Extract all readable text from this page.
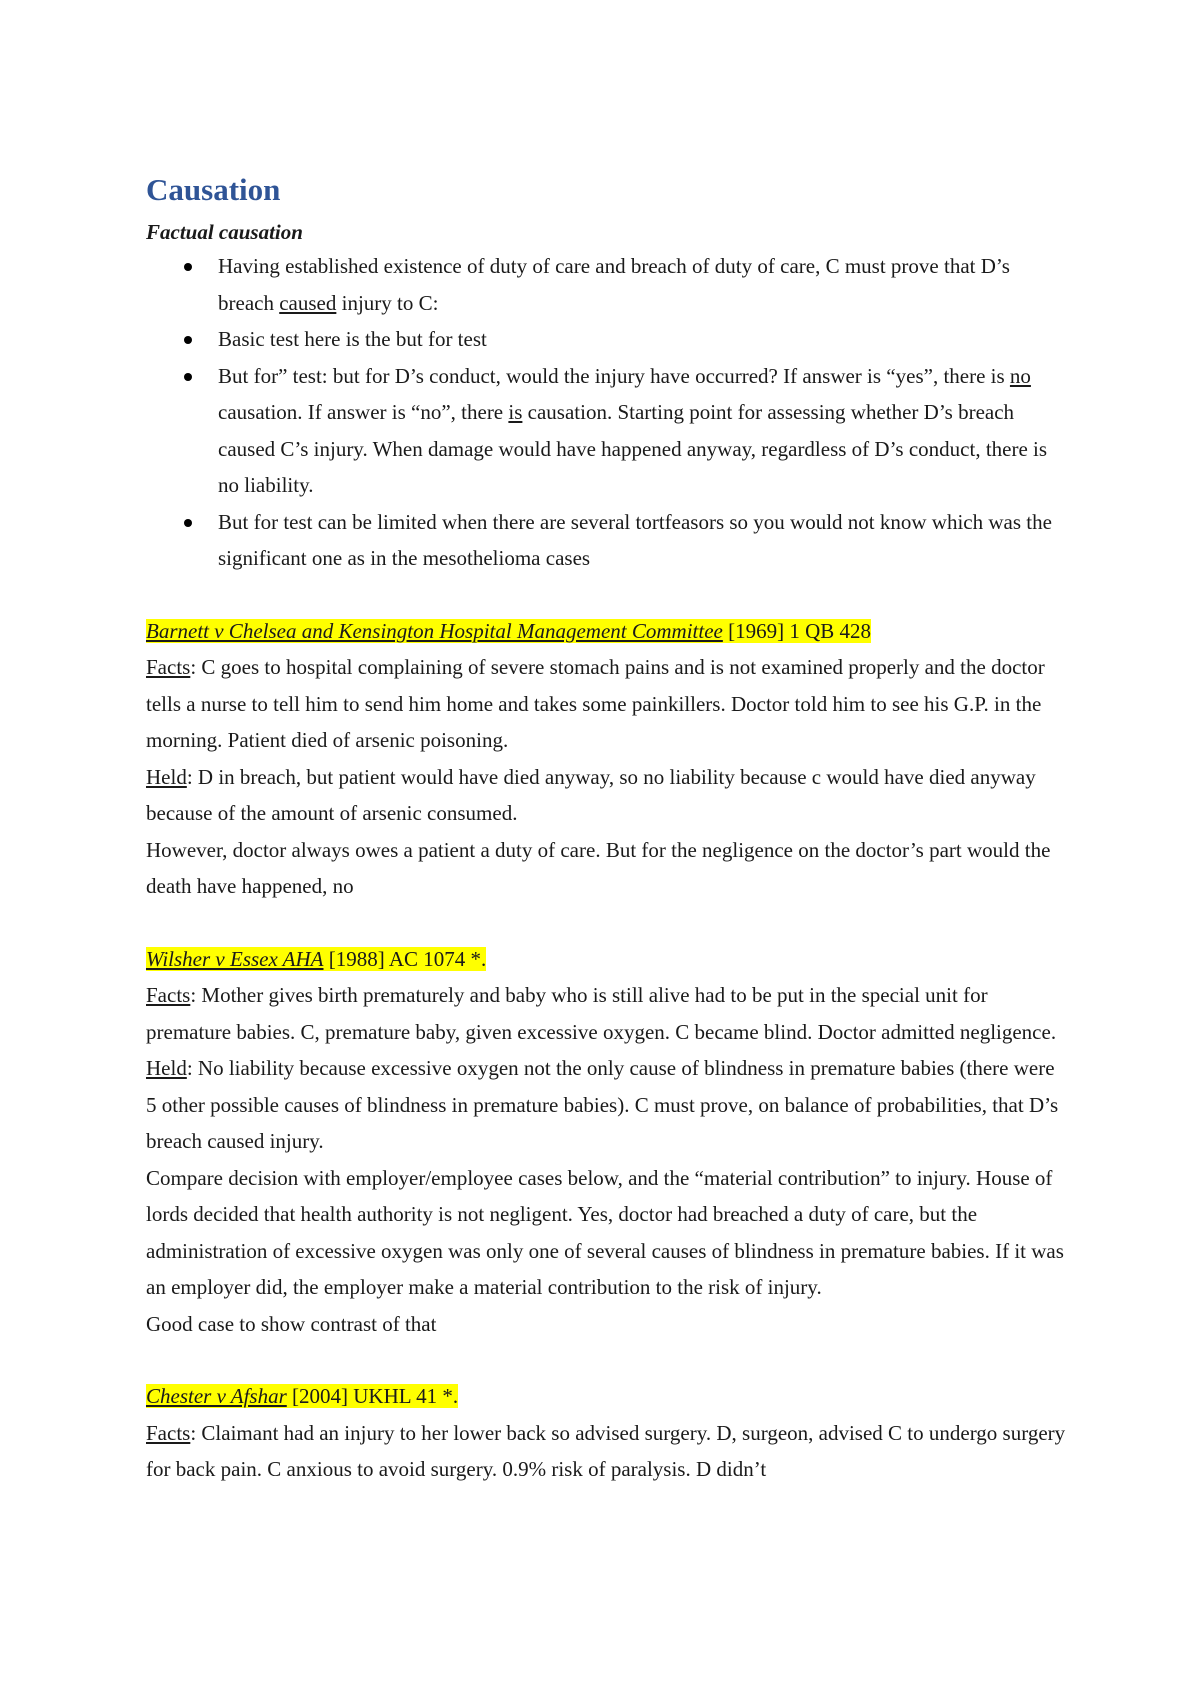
Causation
Factual causation
Having established existence of duty of care and breach of duty of care, C must prove that D’s breach caused injury to C:
Basic test here is the but for test
But for” test: but for D’s conduct, would the injury have occurred? If answer is “yes”, there is no causation. If answer is “no”, there is causation. Starting point for assessing whether D’s breach caused C’s injury. When damage would have happened anyway, regardless of D’s conduct, there is no liability.
But for test can be limited when there are several tortfeasors so you would not know which was the significant one as in the mesothelioma cases

Barnett v Chelsea and Kensington Hospital Management Committee [1969] 1 QB 428

Facts: C goes to hospital complaining of severe stomach pains and is not examined properly and the doctor tells a nurse to tell him to send him home and takes some painkillers. Doctor told him to see his G.P. in the morning. Patient died of arsenic poisoning.

Held: D in breach, but patient would have died anyway, so no liability because c would have died anyway because of the amount of arsenic consumed.

However, doctor always owes a patient a duty of care. But for the negligence on the doctor’s part would the death have happened, no

Wilsher v Essex AHA [1988] AC 1074 *.

Facts: Mother gives birth prematurely and baby who is still alive had to be put in the special unit for premature babies. C, premature baby, given excessive oxygen. C became blind. Doctor admitted negligence.

Held: No liability because excessive oxygen not the only cause of blindness in premature babies (there were 5 other possible causes of blindness in premature babies). C must prove, on balance of probabilities, that D’s breach caused injury.

Compare decision with employer/employee cases below, and the “material contribution” to injury. House of lords decided that health authority is not negligent. Yes, doctor had breached a duty of care, but the administration of excessive oxygen was only one of several causes of blindness in premature babies. If it was an employer did, the employer make a material contribution to the risk of injury.

Good case to show contrast of that

Chester v Afshar [2004] UKHL 41 *.

Facts: Claimant had an injury to her lower back so advised surgery. D, surgeon, advised C to undergo surgery for back pain. C anxious to avoid surgery. 0.9% risk of paralysis. D didn’t
